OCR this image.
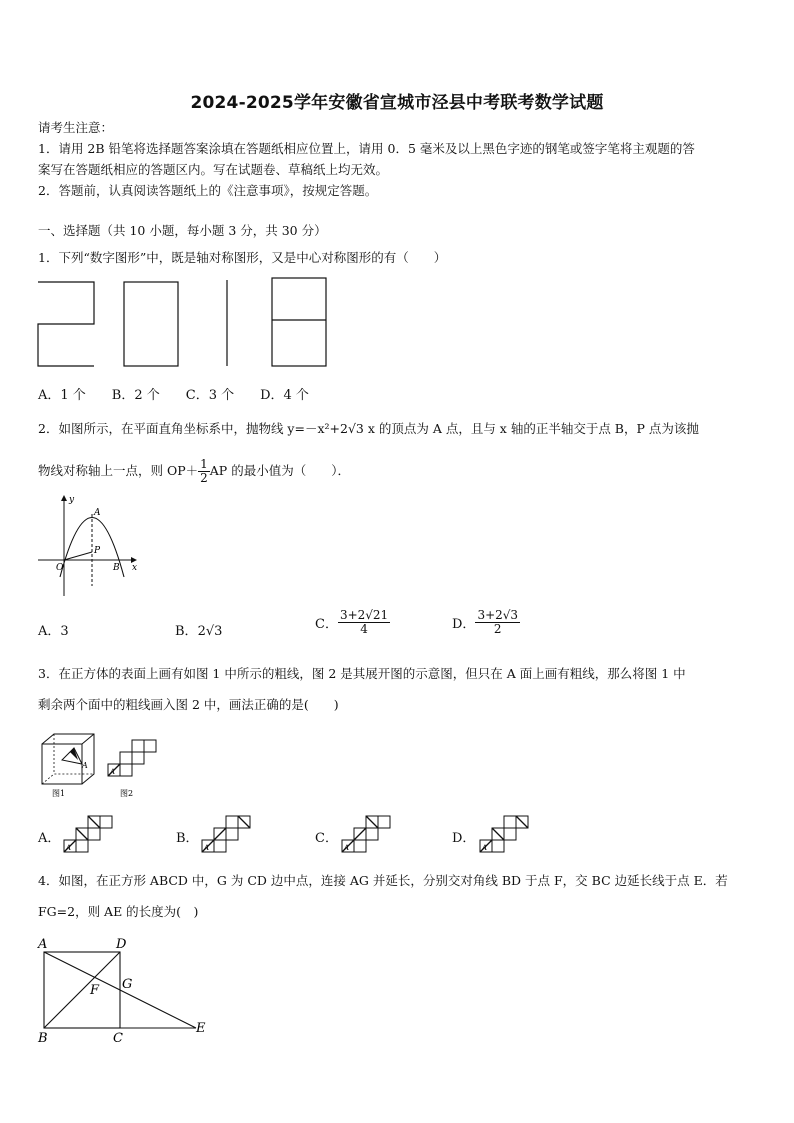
2024-2025学年安徽省宣城市泾县中考联考数学试题
请考生注意：
1．请用 2B 铅笔将选择题答案涂填在答题纸相应位置上，请用 0．5 毫米及以上黑色字迹的钢笔或签字笔将主观题的答
案写在答题纸相应的答题区内。写在试题卷、草稿纸上均无效。
2．答题前，认真阅读答题纸上的《注意事项》，按规定答题。
一、选择题（共 10 小题，每小题 3 分，共 30 分）
1．下列“数字图形”中，既是轴对称图形，又是中心对称图形的有（　　）
A．1 个　　B．2 个　　C．3 个　　D．4 个
2．如图所示，在平面直角坐标系中，抛物线 y=－x²+2√3 x 的顶点为 A 点，且与 x 轴的正半轴交于点 B，P 点为该抛
物线对称轴上一点，则 $OP+ \frac{1}{2}$ AP 的最小值为（　　）．
y
x
A
P
O	B
A．3	B．2√3	C． $\frac{3+2√21}{4}$	D． $\frac{3+2√3}{2}$
3．在正方体的表面上画有如图 1 中所示的粗线，图 2 是其展开图的示意图，但只在 A 面上画有粗线，那么将图 1 中
剩余两个面中的粗线画入图 2 中，画法正确的是(　　)
A
A
图1	图2
A．
A
B．
A
C．
A
D．
A
4．如图，在正方形 ABCD 中，G 为 CD 边中点，连接 AG 并延长，分别交对角线 BD 于点 F，交 BC 边延长线于点 E．若
FG=2，则 AE 的长度为(　)
A	D
G
F
B	C
E
